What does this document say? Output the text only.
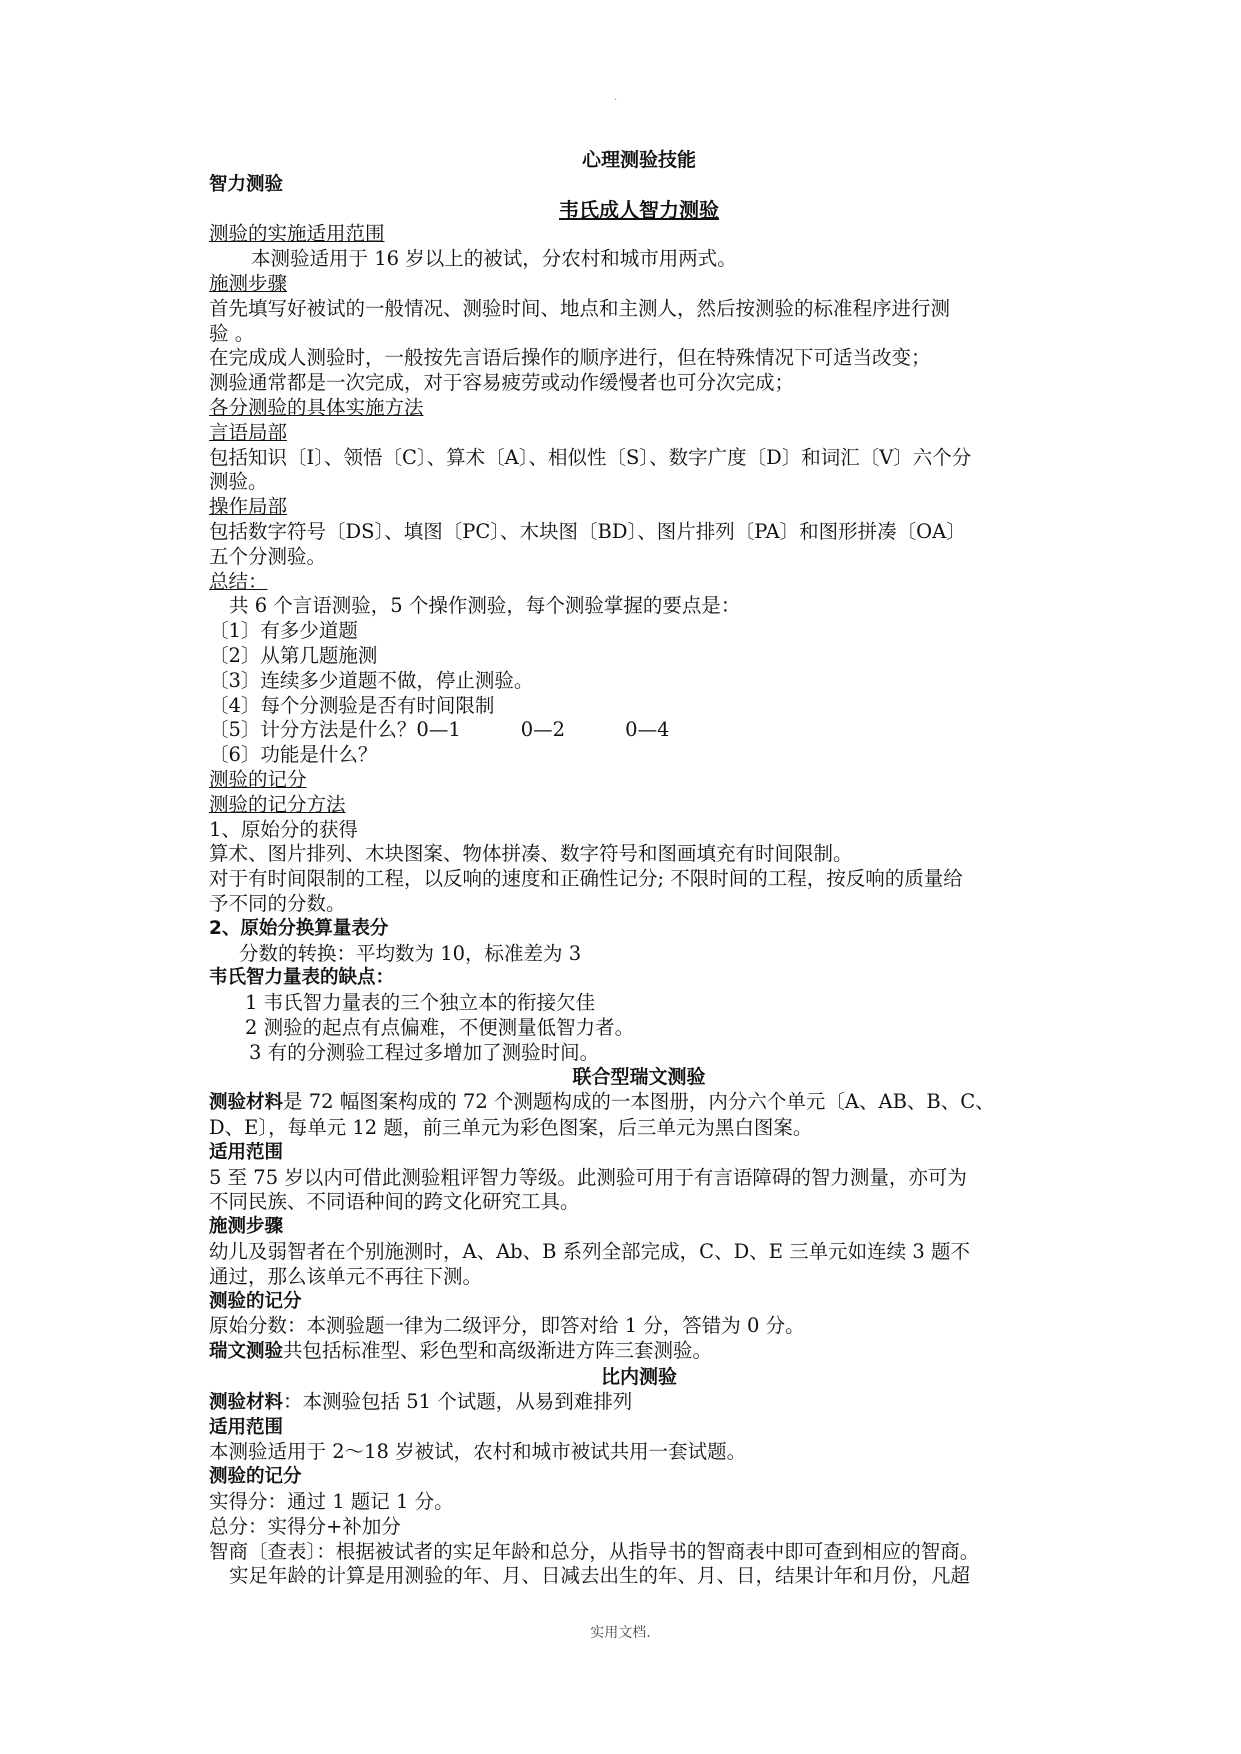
.
心理测验技能
智力测验
韦氏成人智力测验
测验的实施适用范围
本测验适用于 16 岁以上的被试，分农村和城市用两式。
施测步骤
首先填写好被试的一般情况、测验时间、地点和主测人，然后按测验的标准程序进行测
验 。
在完成成人测验时，一般按先言语后操作的顺序进行，但在特殊情况下可适当改变；
测验通常都是一次完成，对于容易疲劳或动作缓慢者也可分次完成；
各分测验的具体实施方法
言语局部
包括知识〔I〕、领悟〔C〕、算术〔A〕、相似性〔S〕、数字广度〔D〕和词汇〔V〕六个分
测验。
操作局部
包括数字符号〔DS〕、填图〔PC〕、木块图〔BD〕、图片排列〔PA〕和图形拼凑〔OA〕
五个分测验。
总结：
共 6 个言语测验，5 个操作测验，每个测验掌握的要点是：
〔1〕有多少道题
〔2〕从第几题施测
〔3〕连续多少道题不做，停止测验。
〔4〕每个分测验是否有时间限制
〔5〕计分方法是什么？0—1	0—2	0—4
〔6〕功能是什么？
测验的记分
测验的记分方法
1、原始分的获得
算术、图片排列、木块图案、物体拼凑、数字符号和图画填充有时间限制。
对于有时间限制的工程，以反响的速度和正确性记分; 不限时间的工程，按反响的质量给
予不同的分数。
2、原始分换算量表分
分数的转换：平均数为 10，标准差为 3
韦氏智力量表的缺点：
1 韦氏智力量表的三个独立本的衔接欠佳
2 测验的起点有点偏难，不便测量低智力者。
3 有的分测验工程过多增加了测验时间。
联合型瑞文测验
测验材料是 72 幅图案构成的 72 个测题构成的一本图册，内分六个单元〔A、AB、B、C、
D、E〕，每单元 12 题，前三单元为彩色图案，后三单元为黑白图案。
适用范围
5 至 75 岁以内可借此测验粗评智力等级。此测验可用于有言语障碍的智力测量，亦可为
不同民族、不同语种间的跨文化研究工具。
施测步骤
幼儿及弱智者在个别施测时，A、Ab、B 系列全部完成，C、D、E 三单元如连续 3 题不
通过，那么该单元不再往下测。
测验的记分
原始分数：本测验题一律为二级评分，即答对给 1 分，答错为 0 分。
瑞文测验共包括标准型、彩色型和高级渐进方阵三套测验。
比内测验
测验材料：本测验包括 51 个试题，从易到难排列
适用范围
本测验适用于 2～18 岁被试，农村和城市被试共用一套试题。
测验的记分
实得分：通过 1 题记 1 分。
总分：实得分+补加分
智商〔查表〕：根据被试者的实足年龄和总分，从指导书的智商表中即可查到相应的智商。
实足年龄的计算是用测验的年、月、日减去出生的年、月、日，结果计年和月份，凡超
实用文档.
